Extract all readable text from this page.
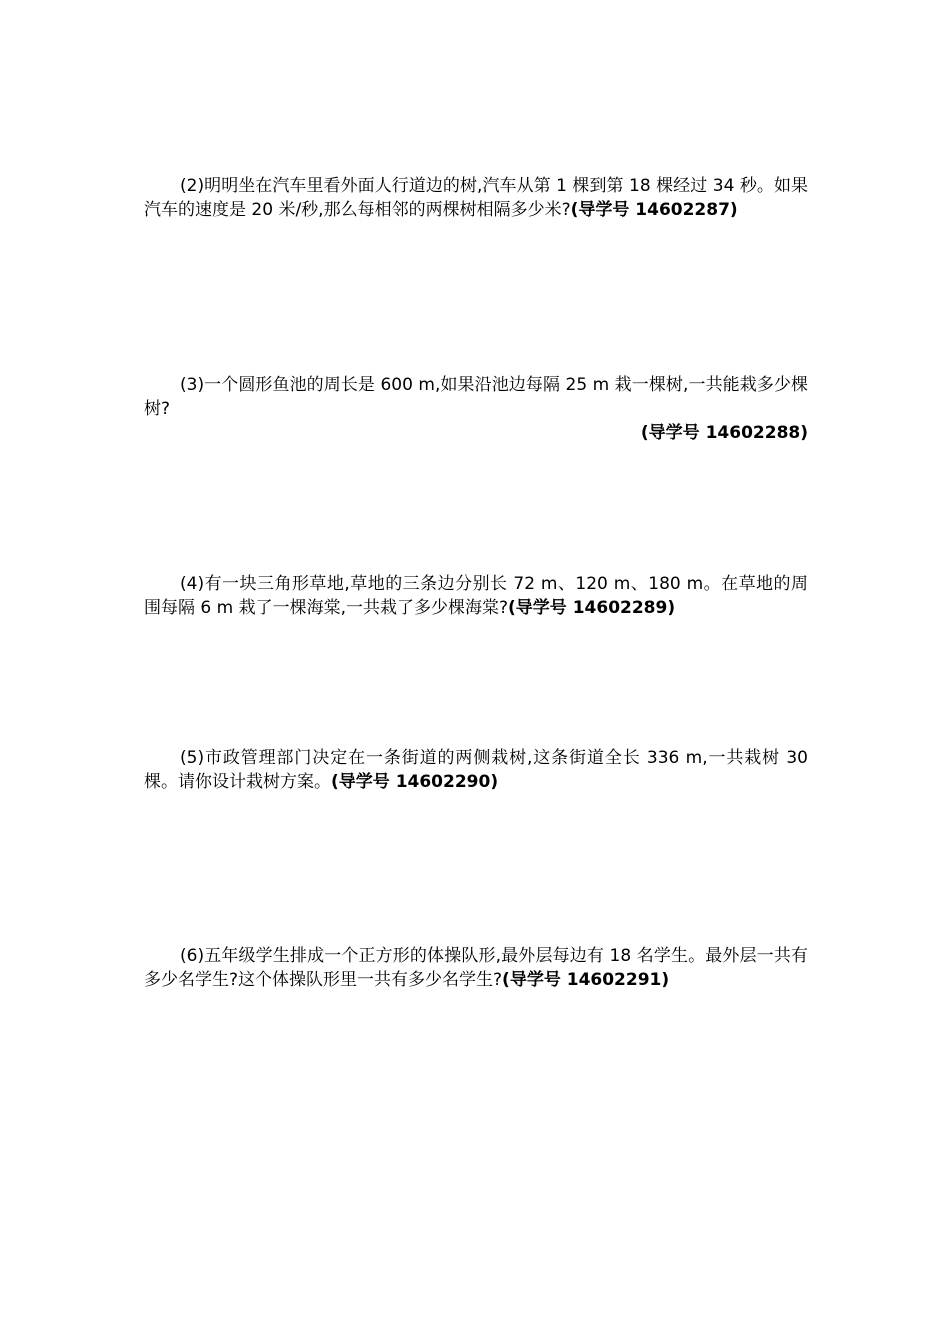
(2)明明坐在汽车里看外面人行道边的树,汽车从第 1 棵到第 18 棵经过 34 秒。如果汽车的速度是 20 米/秒,那么每相邻的两棵树相隔多少米?(导学号 14602287)

(3)一个圆形鱼池的周长是 600 m,如果沿池边每隔 25 m 栽一棵树,一共能栽多少棵树?
(导学号 14602288)

(4)有一块三角形草地,草地的三条边分别长 72 m、120 m、180 m。在草地的周围每隔 6 m 栽了一棵海棠,一共栽了多少棵海棠?(导学号 14602289)

(5)市政管理部门决定在一条街道的两侧栽树,这条街道全长 336 m,一共栽树 30 棵。请你设计栽树方案。(导学号 14602290)

(6)五年级学生排成一个正方形的体操队形,最外层每边有 18 名学生。最外层一共有多少名学生?这个体操队形里一共有多少名学生?(导学号 14602291)
